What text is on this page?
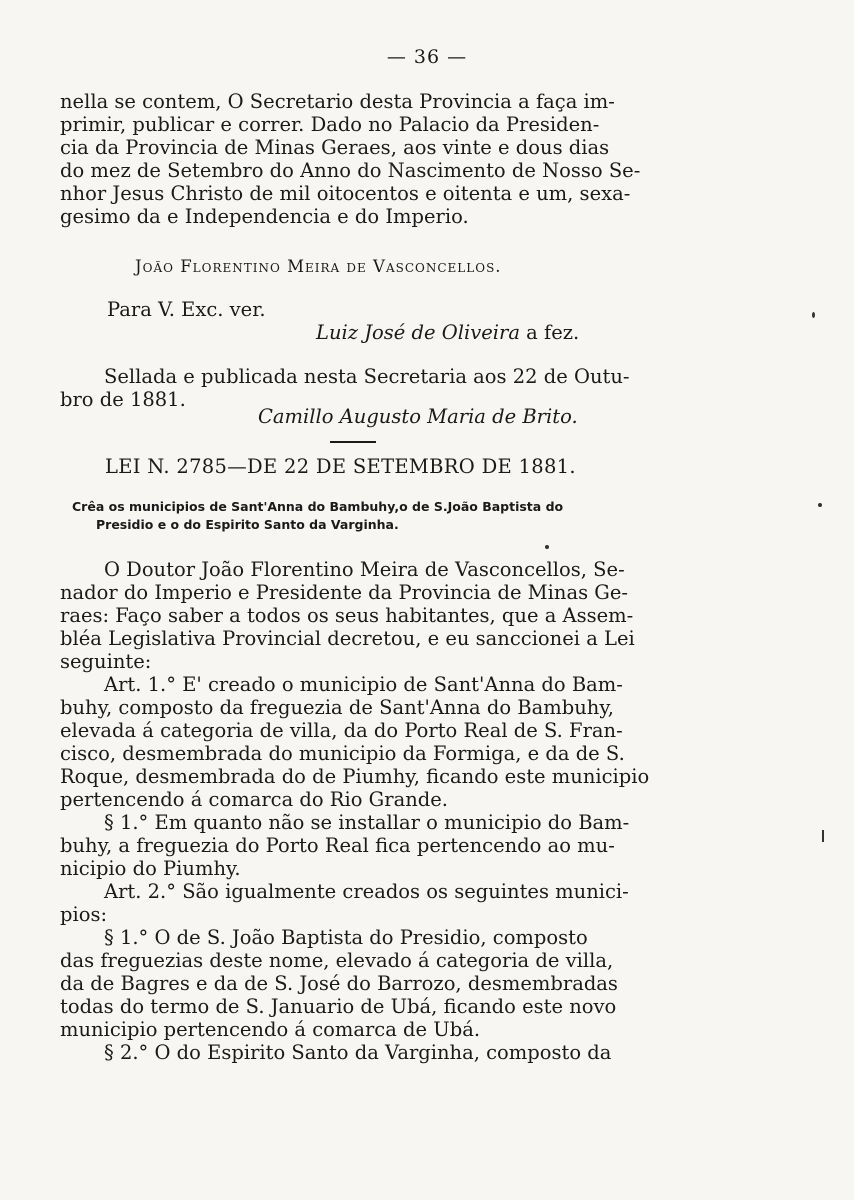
— 36 —
nella se contem, O Secretario desta Provincia a faça im-
primir, publicar e correr. Dado no Palacio da Presiden-
cia da Provincia de Minas Geraes, aos vinte e dous dias
do mez de Setembro do Anno do Nascimento de Nosso Se-
nhor Jesus Christo de mil oitocentos e oitenta e um, sexa-
gesimo da e Independencia e do Imperio.
João Florentino Meira de Vasconcellos.
Para V. Exc. ver.
Luiz José de Oliveira a fez.
Sellada e publicada nesta Secretaria aos 22 de Outu-
bro de 1881.
Camillo Augusto Maria de Brito.
LEI N. 2785—DE 22 DE SETEMBRO DE 1881.
Crêa os municipios de Sant'Anna do Bambuhy,o de S.João Baptista do
Presidio e o do Espirito Santo da Varginha.
O Doutor João Florentino Meira de Vasconcellos, Se-
nador do Imperio e Presidente da Provincia de Minas Ge-
raes: Faço saber a todos os seus habitantes, que a Assem-
bléa Legislativa Provincial decretou, e eu sanccionei a Lei
seguinte:
Art. 1.° E' creado o municipio de Sant'Anna do Bam-
buhy, composto da freguezia de Sant'Anna do Bambuhy,
elevada á categoria de villa, da do Porto Real de S. Fran-
cisco, desmembrada do municipio da Formiga, e da de S.
Roque, desmembrada do de Piumhy, ficando este municipio
pertencendo á comarca do Rio Grande.
§ 1.° Em quanto não se installar o municipio do Bam-
buhy, a freguezia do Porto Real fica pertencendo ao mu-
nicipio do Piumhy.
Art. 2.° São igualmente creados os seguintes munici-
pios:
§ 1.° O de S. João Baptista do Presidio, composto
das freguezias deste nome, elevado á categoria de villa,
da de Bagres e da de S. José do Barrozo, desmembradas
todas do termo de S. Januario de Ubá, ficando este novo
municipio pertencendo á comarca de Ubá.
§ 2.° O do Espirito Santo da Varginha, composto da
